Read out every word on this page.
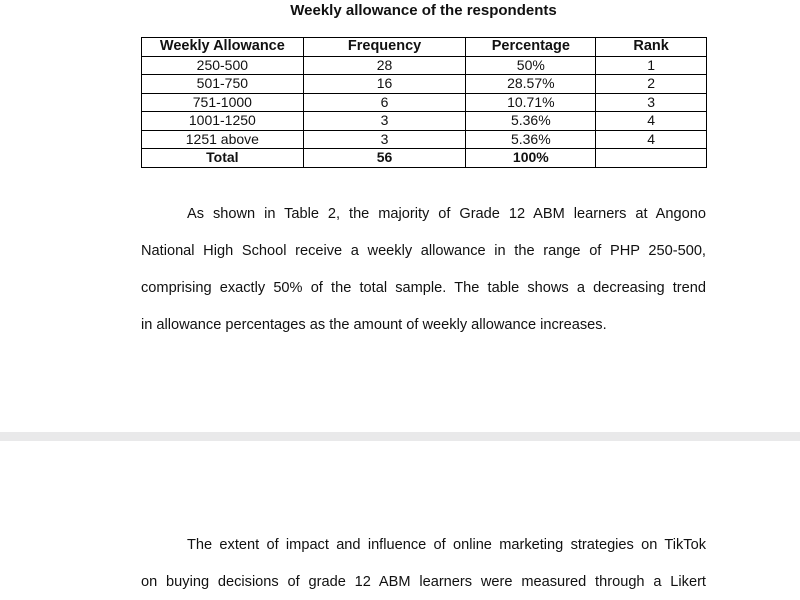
Weekly allowance of the respondents
Weekly Allowance	Frequency	Percentage	Rank
250-500	28	50%	1
501-750	16	28.57%	2
751-1000	6	10.71%	3
1001-1250	3	5.36%	4
1251 above	3	5.36%	4
Total	56	100%	
As shown in Table 2, the majority of Grade 12 ABM learners at Angono
National High School receive a weekly allowance in the range of PHP 250-500,
comprising exactly 50% of the total sample. The table shows a decreasing trend
in allowance percentages as the amount of weekly allowance increases.
The extent of impact and influence of online marketing strategies on TikTok
on buying decisions of grade 12 ABM learners were measured through a Likert
